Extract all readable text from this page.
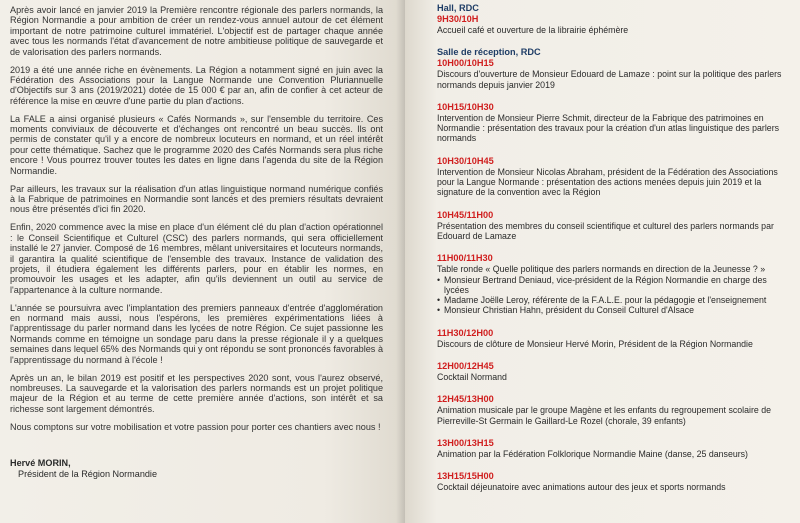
Après avoir lancé en janvier 2019 la Première rencontre régionale des parlers normands, la Région Normandie a pour ambition de créer un rendez-vous annuel autour de cet élément important de notre patrimoine culturel immatériel. L'objectif est de partager chaque année avec tous les normands l'état d'avancement de notre ambitieuse politique de sauvegarde et de valorisation des parlers normands.

2019 a été une année riche en évènements. La Région a notamment signé en juin avec la Fédération des Associations pour la Langue Normande une Convention Pluriannuelle d'Objectifs sur 3 ans (2019/2021) dotée de 15 000 € par an, afin de confier à cet acteur de référence la mise en œuvre d'une partie du plan d'actions.

La FALE a ainsi organisé plusieurs « Cafés Normands », sur l'ensemble du territoire. Ces moments conviviaux de découverte et d'échanges ont rencontré un beau succès. Ils ont permis de constater qu'il y a encore de nombreux locuteurs en normand, et un réel intérêt pour cette thématique. Sachez que le programme 2020 des Cafés Normands sera plus riche encore ! Vous pourrez trouver toutes les dates en ligne dans l'agenda du site de la Région Normandie.

Par ailleurs, les travaux sur la réalisation d'un atlas linguistique normand numérique confiés à la Fabrique de patrimoines en Normandie sont lancés et des premiers résultats devraient nous être présentés d'ici fin 2020.

Enfin, 2020 commence avec la mise en place d'un élément clé du plan d'action opérationnel : le Conseil Scientifique et Culturel (CSC) des parlers normands, qui sera officiellement installé le 27 janvier. Composé de 16 membres, mêlant universitaires et locuteurs normands, il garantira la qualité scientifique de l'ensemble des travaux. Instance de validation des projets, il étudiera également les différents parlers, pour en établir les normes, en promouvoir les usages et les adapter, afin qu'ils deviennent un outil au service de l'appartenance à la culture normande.

L'année se poursuivra avec l'implantation des premiers panneaux d'entrée d'agglomération en normand mais aussi, nous l'espérons, les premières expérimentations liées à l'apprentissage du parler normand dans les lycées de notre Région. Ce sujet passionne les Normands comme en témoigne un sondage paru dans la presse régionale il y a quelques semaines dans lequel 65% des Normands qui y ont répondu se sont prononcés favorables à l'apprentissage du normand à l'école !

Après un an, le bilan 2019 est positif et les perspectives 2020 sont, vous l'aurez observé, nombreuses. La sauvegarde et la valorisation des parlers normands est un projet politique majeur de la Région et au terme de cette première année d'actions, son intérêt et sa richesse sont largement démontrés.

Nous comptons sur votre mobilisation et votre passion pour porter ces chantiers avec nous !

Hervé MORIN,
Président de la Région Normandie
Hall, RDC
9H30/10H
Accueil café et ouverture de la librairie éphémère
Salle de réception, RDC
10H00/10H15
Discours d'ouverture de Monsieur Edouard de Lamaze : point sur la politique des parlers normands depuis janvier 2019
10H15/10H30
Intervention de Monsieur Pierre Schmit, directeur de la Fabrique des patrimoines en Normandie : présentation des travaux pour la création d'un atlas linguistique des parlers normands
10H30/10H45
Intervention de Monsieur Nicolas Abraham, président de la Fédération des Associations pour la Langue Normande : présentation des actions menées depuis juin 2019 et la signature de la convention avec la Région
10H45/11H00
Présentation des membres du conseil scientifique et culturel des parlers normands par Edouard de Lamaze
11H00/11H30
Table ronde « Quelle politique des parlers normands en direction de la Jeunesse ? »
• Monsieur Bertrand Deniaud, vice-président de la Région Normandie en charge des lycées
• Madame Joëlle Leroy, référente de la F.A.L.E. pour la pédagogie et l'enseignement
• Monsieur Christian Hahn, président du Conseil Culturel d'Alsace
11H30/12H00
Discours de clôture de Monsieur Hervé Morin, Président de la Région Normandie
12H00/12H45
Cocktail Normand
12H45/13H00
Animation musicale par le groupe Magène et les enfants du regroupement scolaire de Pierreville-St Germain le Gaillard-Le Rozel (chorale, 39 enfants)
13H00/13H15
Animation par la Fédération Folklorique Normandie Maine (danse, 25 danseurs)
13H15/15H00
Cocktail déjeunatoire avec animations autour des jeux et sports normands
